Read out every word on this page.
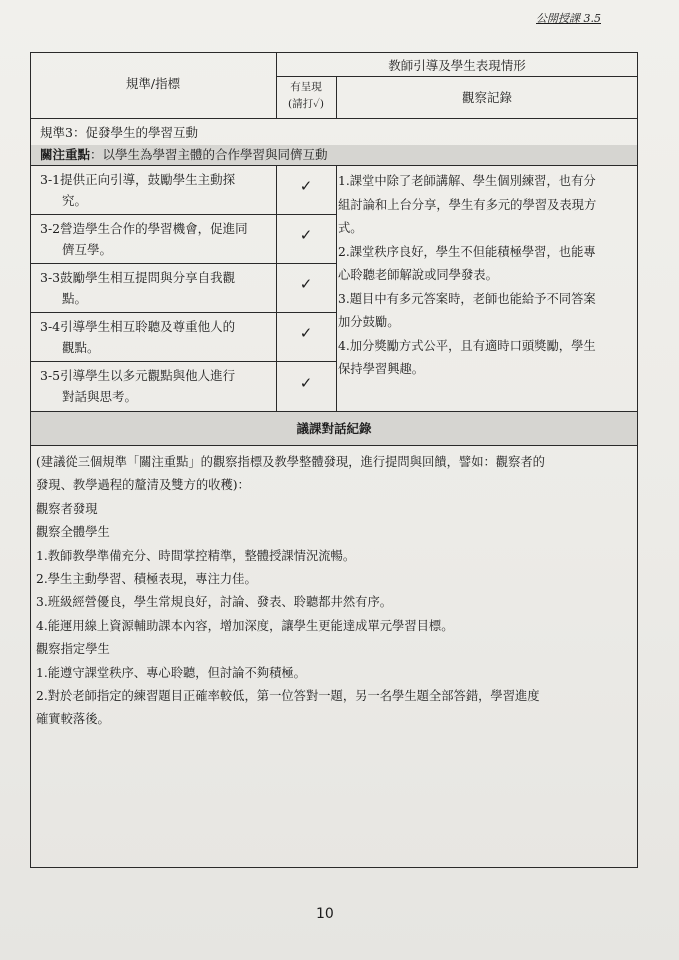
公開授課 3.5
規準/指標
教師引導及學生表現情形
有呈現
(請打✓)	觀察記錄
規準3：促發學生的學習互動
關注重點：以學生為學習主體的合作學習與同儕互動
3-1提供正向引導，鼓勵學生主動探
究。
✓
3-2營造學生合作的學習機會，促進同
儕互學。
✓
3-3鼓勵學生相互提問與分享自我觀
點。
✓
3-4引導學生相互聆聽及尊重他人的
觀點。
✓
3-5引導學生以多元觀點與他人進行
對話與思考。
✓
1.課堂中除了老師講解、學生個別練習，也有分
組討論和上台分享，學生有多元的學習及表現方
式。
2.課堂秩序良好，學生不但能積極學習，也能專
心聆聽老師解說或同學發表。
3.題目中有多元答案時，老師也能給予不同答案
加分鼓勵。
4.加分獎勵方式公平，且有適時口頭獎勵，學生
保持學習興趣。
議課對話紀錄
(建議從三個規準「關注重點」的觀察指標及教學整體發現，進行提問與回饋，譬如：觀察者的
發現、教學過程的釐清及雙方的收穫)：
觀察者發現
觀察全體學生
1.教師教學準備充分、時間掌控精準，整體授課情況流暢。
2.學生主動學習、積極表現，專注力佳。
3.班級經營優良，學生常規良好，討論、發表、聆聽都井然有序。
4.能運用線上資源輔助課本內容，增加深度，讓學生更能達成單元學習目標。
觀察指定學生
1.能遵守課堂秩序、專心聆聽，但討論不夠積極。
2.對於老師指定的練習題目正確率較低，第一位答對一題，另一名學生題全部答錯，學習進度
確實較落後。
10
